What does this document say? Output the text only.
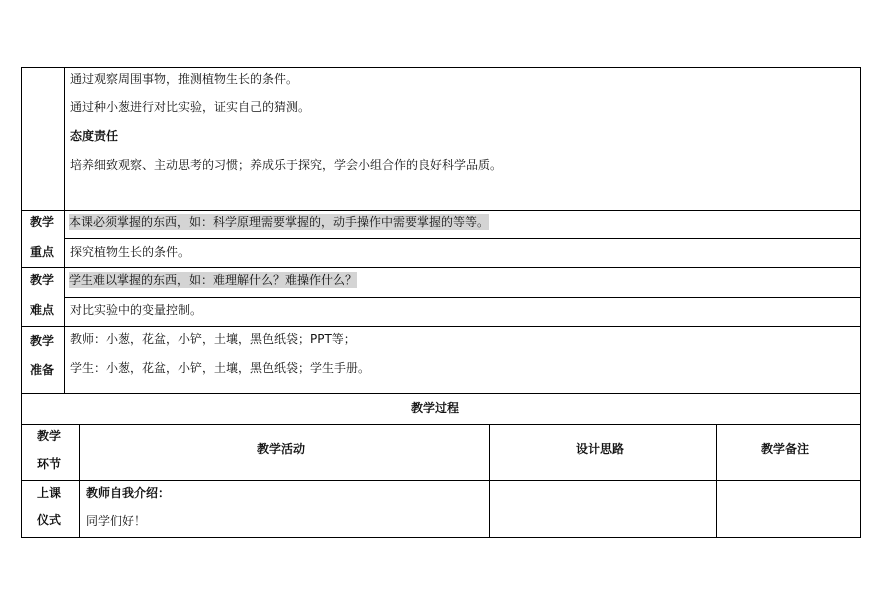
通过观察周围事物，推测植物生长的条件。
通过种小葱进行对比实验，证实自己的猜测。
态度责任
培养细致观察、主动思考的习惯；养成乐于探究，学会小组合作的良好科学品质。
教学
重点
本课必须掌握的东西，如：科学原理需要掌握的，动手操作中需要掌握的等等。
探究植物生长的条件。
教学
难点
学生难以掌握的东西，如：难理解什么？难操作什么？
对比实验中的变量控制。
教学
准备
教师：小葱，花盆，小铲，土壤，黑色纸袋；PPT等；
学生：小葱，花盆，小铲，土壤，黑色纸袋；学生手册。
教学过程
教学
环节
教学活动	设计思路	教学备注
上课
仪式
教师自我介绍：
同学们好！
